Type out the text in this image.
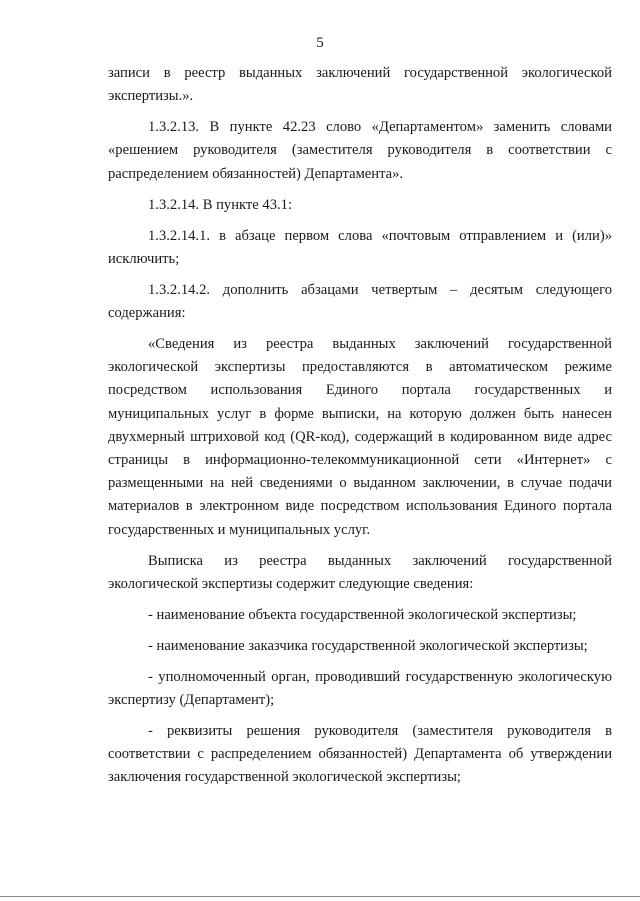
5

записи в реестр выданных заключений государственной экологической экспертизы.».

1.3.2.13. В пункте 42.23 слово «Департаментом» заменить словами «решением руководителя (заместителя руководителя в соответствии с распределением обязанностей) Департамента».

1.3.2.14. В пункте 43.1:

1.3.2.14.1. в абзаце первом слова «почтовым отправлением и (или)» исключить;

1.3.2.14.2. дополнить абзацами четвертым – десятым следующего содержания:

«Сведения из реестра выданных заключений государственной экологической экспертизы предоставляются в автоматическом режиме посредством использования Единого портала государственных и муниципальных услуг в форме выписки, на которую должен быть нанесен двухмерный штриховой код (QR-код), содержащий в кодированном виде адрес страницы в информационно-телекоммуникационной сети «Интернет» с размещенными на ней сведениями о выданном заключении, в случае подачи материалов в электронном виде посредством использования Единого портала государственных и муниципальных услуг.

Выписка из реестра выданных заключений государственной экологической экспертизы содержит следующие сведения:

- наименование объекта государственной экологической экспертизы;

- наименование заказчика государственной экологической экспертизы;

- уполномоченный орган, проводивший государственную экологическую экспертизу (Департамент);

- реквизиты решения руководителя (заместителя руководителя в соответствии с распределением обязанностей) Департамента об утверждении заключения государственной экологической экспертизы;
